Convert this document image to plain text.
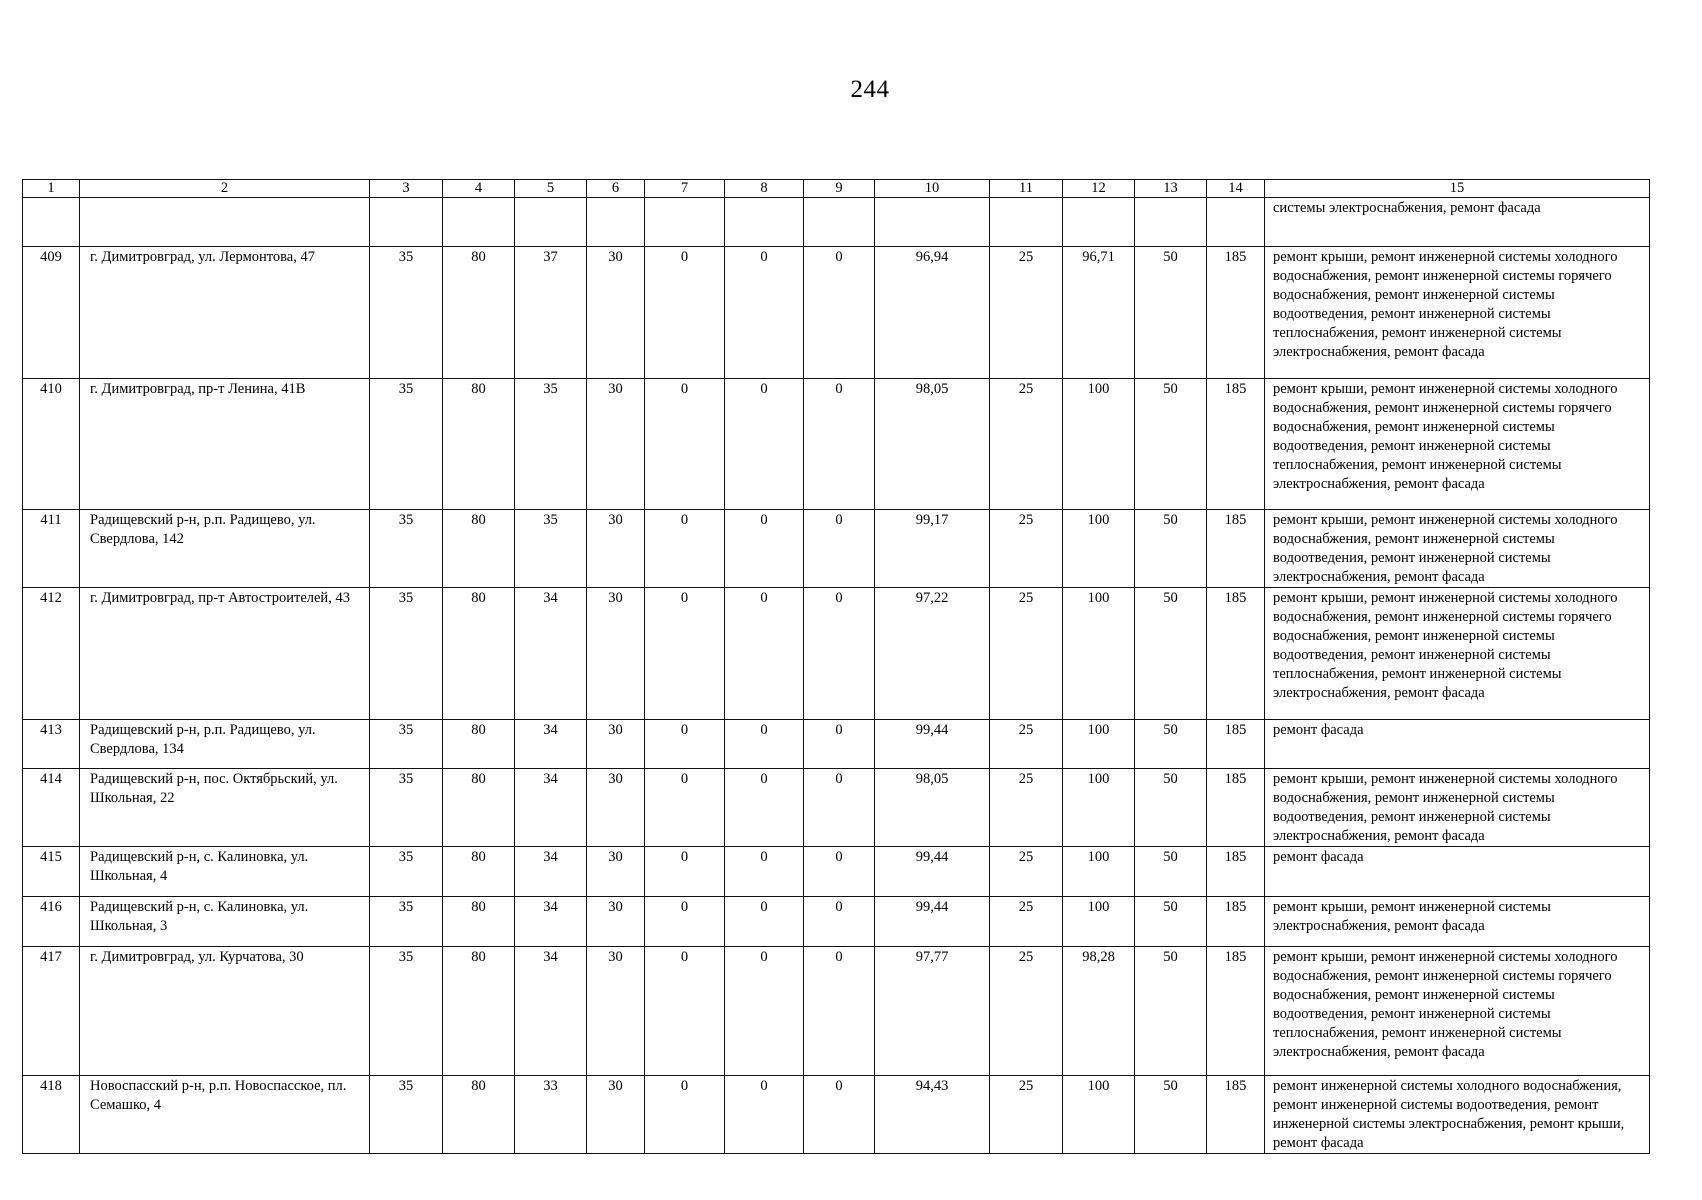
244
1	2	3	4	5	6	7	8	9	10	11	12	13	14	15
														системы электроснабжения, ремонт фасада
409	г. Димитровград, ул. Лермонтова, 47	35	80	37	30	0	0	0	96,94	25	96,71	50	185	ремонт крыши, ремонт инженерной системы холодного водоснабжения, ремонт инженерной системы горячего водоснабжения, ремонт инженерной системы водоотведения, ремонт инженерной системы теплоснабжения, ремонт инженерной системы электроснабжения, ремонт фасада
410	г. Димитровград, пр-т Ленина, 41В	35	80	35	30	0	0	0	98,05	25	100	50	185	ремонт крыши, ремонт инженерной системы холодного водоснабжения, ремонт инженерной системы горячего водоснабжения, ремонт инженерной системы водоотведения, ремонт инженерной системы теплоснабжения, ремонт инженерной системы электроснабжения, ремонт фасада
411	Радищевский р-н, р.п. Радищево, ул. Свердлова, 142	35	80	35	30	0	0	0	99,17	25	100	50	185	ремонт крыши, ремонт инженерной системы холодного водоснабжения, ремонт инженерной системы водоотведения, ремонт инженерной системы электроснабжения, ремонт фасада
412	г. Димитровград, пр-т Автостроителей, 43	35	80	34	30	0	0	0	97,22	25	100	50	185	ремонт крыши, ремонт инженерной системы холодного водоснабжения, ремонт инженерной системы горячего водоснабжения, ремонт инженерной системы водоотведения, ремонт инженерной системы теплоснабжения, ремонт инженерной системы электроснабжения, ремонт фасада
413	Радищевский р-н, р.п. Радищево, ул. Свердлова, 134	35	80	34	30	0	0	0	99,44	25	100	50	185	ремонт фасада
414	Радищевский р-н, пос. Октябрьский, ул. Школьная, 22	35	80	34	30	0	0	0	98,05	25	100	50	185	ремонт крыши, ремонт инженерной системы холодного водоснабжения, ремонт инженерной системы водоотведения, ремонт инженерной системы электроснабжения, ремонт фасада
415	Радищевский р-н, с. Калиновка, ул. Школьная, 4	35	80	34	30	0	0	0	99,44	25	100	50	185	ремонт фасада
416	Радищевский р-н, с. Калиновка, ул. Школьная, 3	35	80	34	30	0	0	0	99,44	25	100	50	185	ремонт крыши, ремонт инженерной системы электроснабжения, ремонт фасада
417	г. Димитровград, ул. Курчатова, 30	35	80	34	30	0	0	0	97,77	25	98,28	50	185	ремонт крыши, ремонт инженерной системы холодного водоснабжения, ремонт инженерной системы горячего водоснабжения, ремонт инженерной системы водоотведения, ремонт инженерной системы теплоснабжения, ремонт инженерной системы электроснабжения, ремонт фасада
418	Новоспасский р-н, р.п. Новоспасское, пл. Семашко, 4	35	80	33	30	0	0	0	94,43	25	100	50	185	ремонт инженерной системы холодного водоснабжения, ремонт инженерной системы водоотведения, ремонт инженерной системы электроснабжения, ремонт крыши, ремонт фасада
